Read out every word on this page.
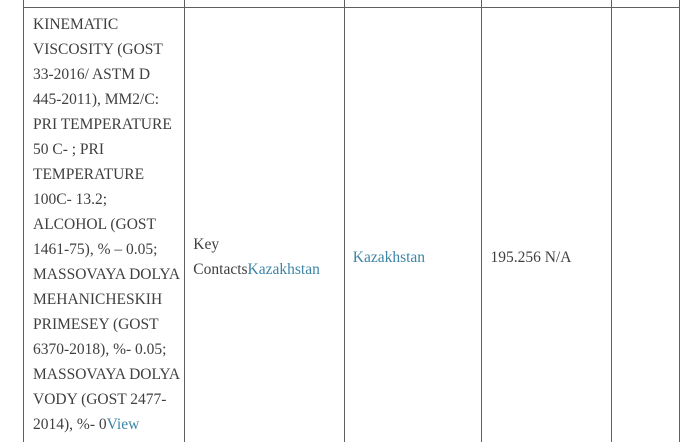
KINEMATIC VISCOSITY (GOST 33-2016/ ASTM D 445-2011), MM2/C: PRI TEMPERATURE 50 C- ; PRI TEMPERATURE 100C- 13.2; ALCOHOL (GOST 1461-75), % – 0.05; MASSOVAYA DOLYA MEHANICHESKIH PRIMESEY (GOST 6370-2018), %- 0.05; MASSOVAYA DOLYA VODY (GOST 2477-2014), %- 0View	Key ContactsKazakhstan	Kazakhstan	195.256 N/A	
